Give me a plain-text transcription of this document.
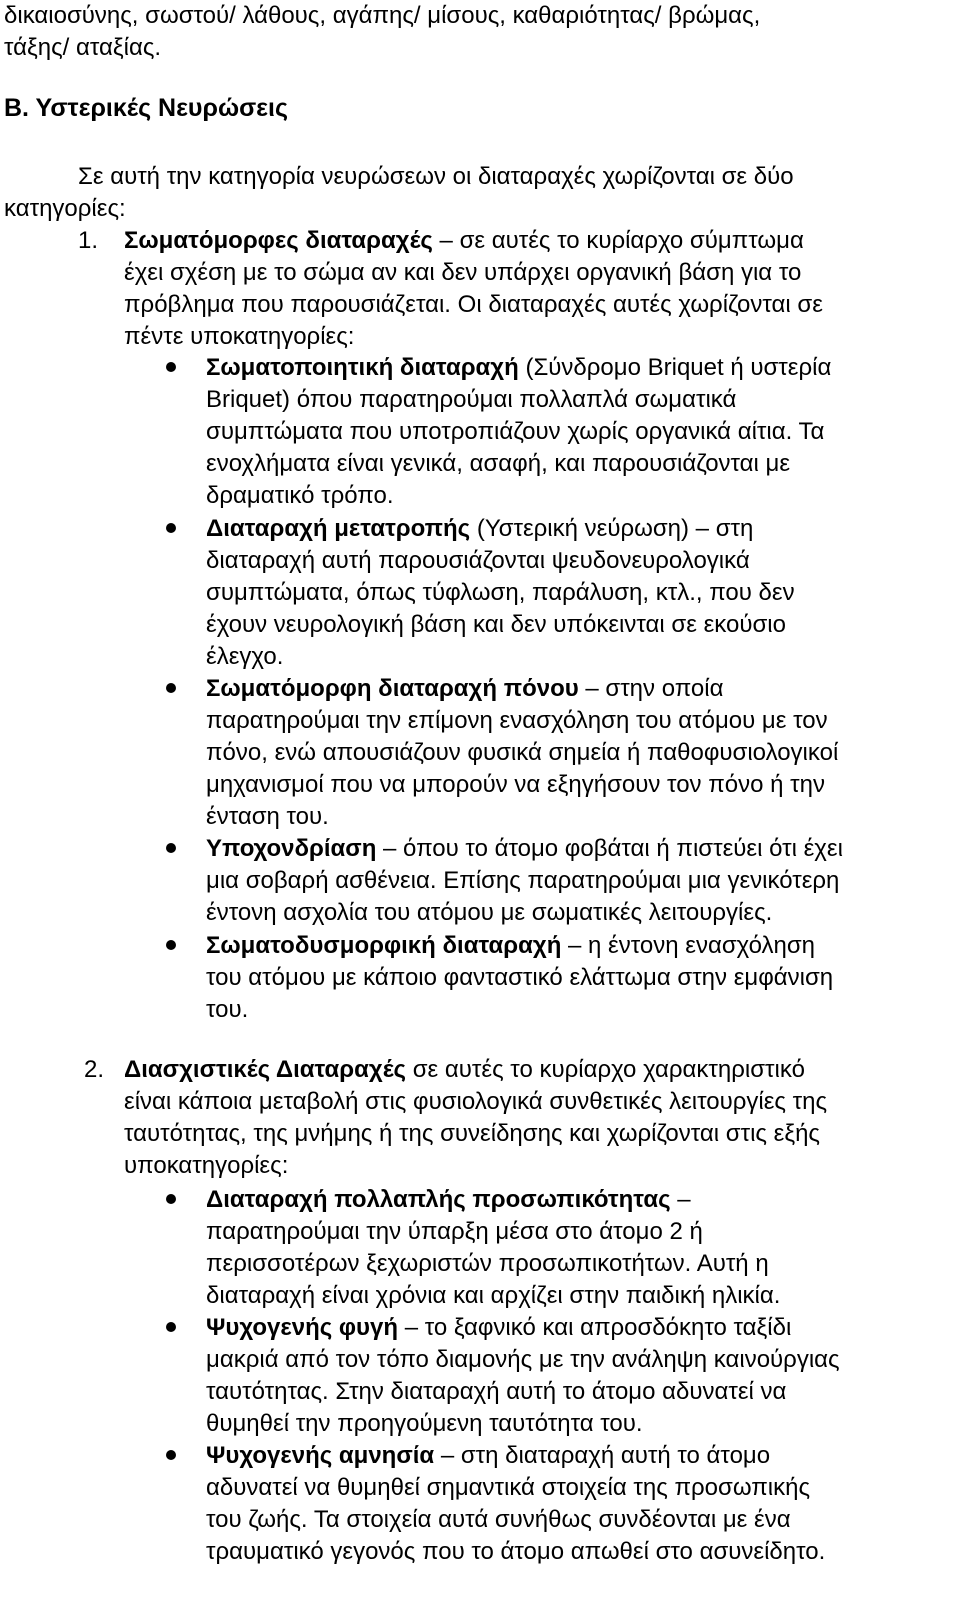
δικαιοσύνης, σωστού/ λάθους, αγάπης/ μίσους, καθαριότητας/ βρώμας,
τάξης/ αταξίας.
Β. Υστερικές Νευρώσεις
Σε αυτή την κατηγορία νευρώσεων οι διαταραχές χωρίζονται σε δύο
κατηγορίες:
1. Σωματόμορφες διαταραχές – σε αυτές το κυρίαρχο σύμπτωμα
έχει σχέση με το σώμα αν και δεν υπάρχει οργανική βάση για το
πρόβλημα που παρουσιάζεται. Οι διαταραχές αυτές χωρίζονται σε
πέντε υποκατηγορίες:
Σωματοποιητική διαταραχή (Σύνδρομο Briquet ή υστερία
Briquet) όπου παρατηρούμαι πολλαπλά σωματικά
συμπτώματα που υποτροπιάζουν χωρίς οργανικά αίτια. Τα
ενοχλήματα είναι γενικά, ασαφή, και παρουσιάζονται με
δραματικό τρόπο.
Διαταραχή μετατροπής (Υστερική νεύρωση) – στη
διαταραχή αυτή παρουσιάζονται ψευδονευρολογικά
συμπτώματα, όπως τύφλωση, παράλυση, κτλ., που δεν
έχουν νευρολογική βάση και δεν υπόκεινται σε εκούσιο
έλεγχο.
Σωματόμορφη διαταραχή πόνου – στην οποία
παρατηρούμαι την επίμονη ενασχόληση του ατόμου με τον
πόνο, ενώ απουσιάζουν φυσικά σημεία ή παθοφυσιολογικοί
μηχανισμοί που να μπορούν να εξηγήσουν τον πόνο ή την
ένταση του.
Υποχονδρίαση – όπου το άτομο φοβάται ή πιστεύει ότι έχει
μια σοβαρή ασθένεια. Επίσης παρατηρούμαι μια γενικότερη
έντονη ασχολία του ατόμου με σωματικές λειτουργίες.
Σωματοδυσμορφική διαταραχή – η έντονη ενασχόληση
του ατόμου με κάποιο φανταστικό ελάττωμα στην εμφάνιση
του.
2. Διασχιστικές Διαταραχές σε αυτές το κυρίαρχο χαρακτηριστικό
είναι κάποια μεταβολή στις φυσιολογικά συνθετικές λειτουργίες της
ταυτότητας, της μνήμης ή της συνείδησης και χωρίζονται στις εξής
υποκατηγορίες:
Διαταραχή πολλαπλής προσωπικότητας –
παρατηρούμαι την ύπαρξη μέσα στο άτομο 2 ή
περισσοτέρων ξεχωριστών προσωπικοτήτων. Αυτή η
διαταραχή είναι χρόνια και αρχίζει στην παιδική ηλικία.
Ψυχογενής φυγή – το ξαφνικό και απροσδόκητο ταξίδι
μακριά από τον τόπο διαμονής με την ανάληψη καινούργιας
ταυτότητας. Στην διαταραχή αυτή το άτομο αδυνατεί να
θυμηθεί την προηγούμενη ταυτότητα του.
Ψυχογενής αμνησία – στη διαταραχή αυτή το άτομο
αδυνατεί να θυμηθεί σημαντικά στοιχεία της προσωπικής
του ζωής. Τα στοιχεία αυτά συνήθως συνδέονται με ένα
τραυματικό γεγονός που το άτομο απωθεί στο ασυνείδητο.
